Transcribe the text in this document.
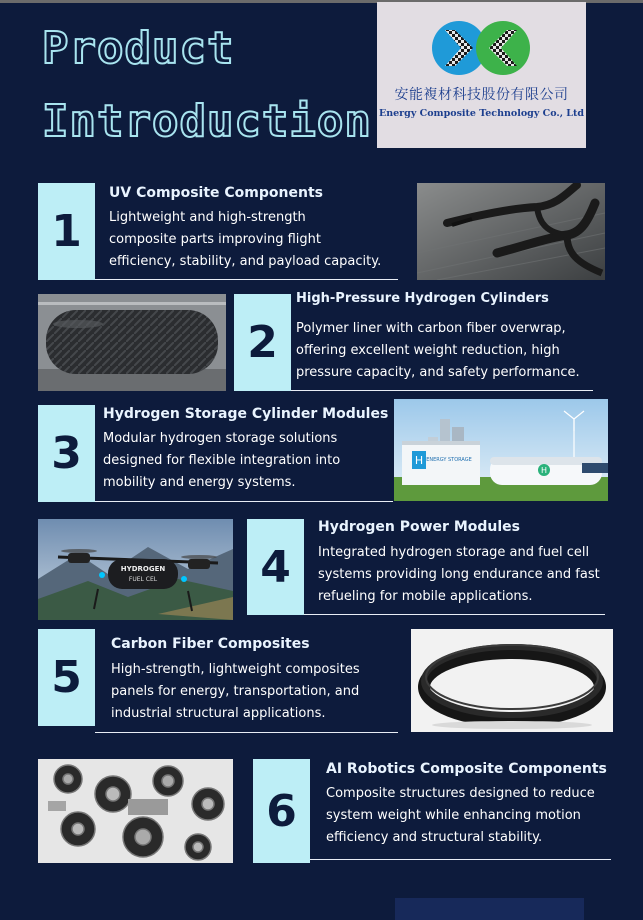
Product
Introduction
安能複材科技股份有限公司
Energy Composite Technology Co., Ltd
1
UV Composite Components
Lightweight and high-strength
composite parts improving flight
efficiency, stability, and payload capacity.
2
High-Pressure Hydrogen Cylinders
Polymer liner with carbon fiber overwrap,
offering excellent weight reduction, high
pressure capacity, and safety performance.
3
Hydrogen Storage Cylinder Modules
Modular hydrogen storage solutions
designed for flexible integration into
mobility and energy systems.
H ENERGY STORAGE
H
HYDROGEN
FUEL CEL 4
Hydrogen Power Modules
Integrated hydrogen storage and fuel cell
systems providing long endurance and fast
refueling for mobile applications.
5
Carbon Fiber Composites
High-strength, lightweight composites
panels for energy, transportation, and
industrial structural applications.
6
AI Robotics Composite Components
Composite structures designed to reduce
system weight while enhancing motion
efficiency and structural stability.
